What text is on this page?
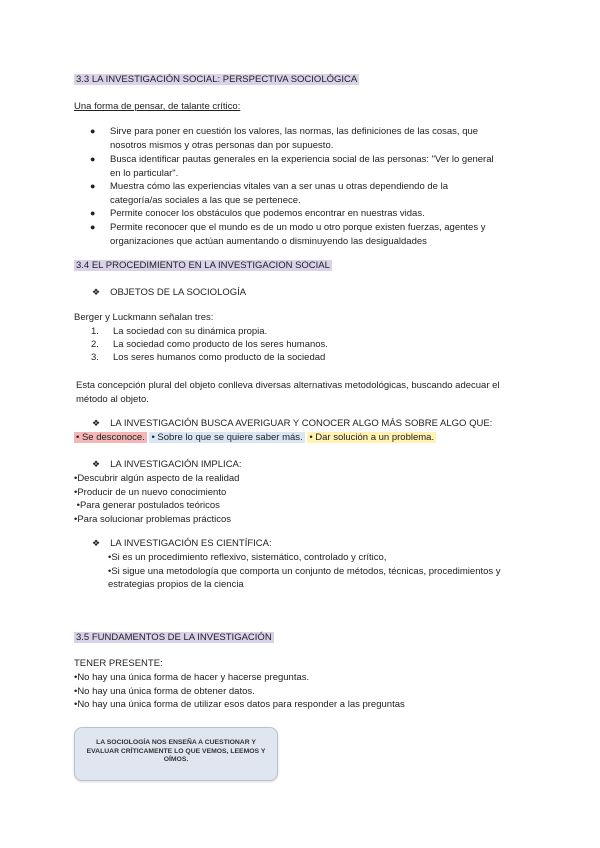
3.3 LA INVESTIGACIÓN SOCIAL: PERSPECTIVA SOCIOLÓGICA
Una forma de pensar, de talante crítico:
● Sirve para poner en cuestión los valores, las normas, las definiciones de las cosas, que
nosotros mismos y otras personas dan por supuesto.
● Busca identificar pautas generales en la experiencia social de las personas: "Ver lo general
en lo particular".
● Muestra cómo las experiencias vitales van a ser unas u otras dependiendo de la
categoría/as sociales a las que se pertenece.
● Permite conocer los obstáculos que podemos encontrar en nuestras vidas.
● Permite reconocer que el mundo es de un modo u otro porque existen fuerzas, agentes y
organizaciones que actúan aumentando o disminuyendo las desigualdades
3.4 EL PROCEDIMIENTO EN LA INVESTIGACION SOCIAL
❖ OBJETOS DE LA SOCIOLOGÍA
Berger y Luckmann señalan tres:
1. La sociedad con su dinámica propia.
2. La sociedad como producto de los seres humanos.
3. Los seres humanos como producto de la sociedad
Esta concepción plural del objeto conlleva diversas alternativas metodológicas, buscando adecuar el
método al objeto.
❖ LA INVESTIGACIÓN BUSCA AVERIGUAR Y CONOCER ALGO MÁS SOBRE ALGO QUE:
• Se desconoce. • Sobre lo que se quiere saber más. • Dar solución a un problema.
❖ LA INVESTIGACIÓN IMPLICA:
•Descubrir algún aspecto de la realidad
•Producir de un nuevo conocimiento
•Para generar postulados teóricos
•Para solucionar problemas prácticos
❖ LA INVESTIGACIÓN ES CIENTÍFICA:
•Si es un procedimiento reflexivo, sistemático, controlado y crítico,
•Si sigue una metodología que comporta un conjunto de métodos, técnicas, procedimientos y
estrategias propios de la ciencia
3.5 FUNDAMENTOS DE LA INVESTIGACIÓN
TENER PRESENTE:
•No hay una única forma de hacer y hacerse preguntas.
•No hay una única forma de obtener datos.
•No hay una única forma de utilizar esos datos para responder a las preguntas
LA SOCIOLOGÍA NOS ENSEÑA A CUESTIONAR Y
EVALUAR CRÍTICAMENTE LO QUE VEMOS, LEEMOS Y
OÍMOS.
